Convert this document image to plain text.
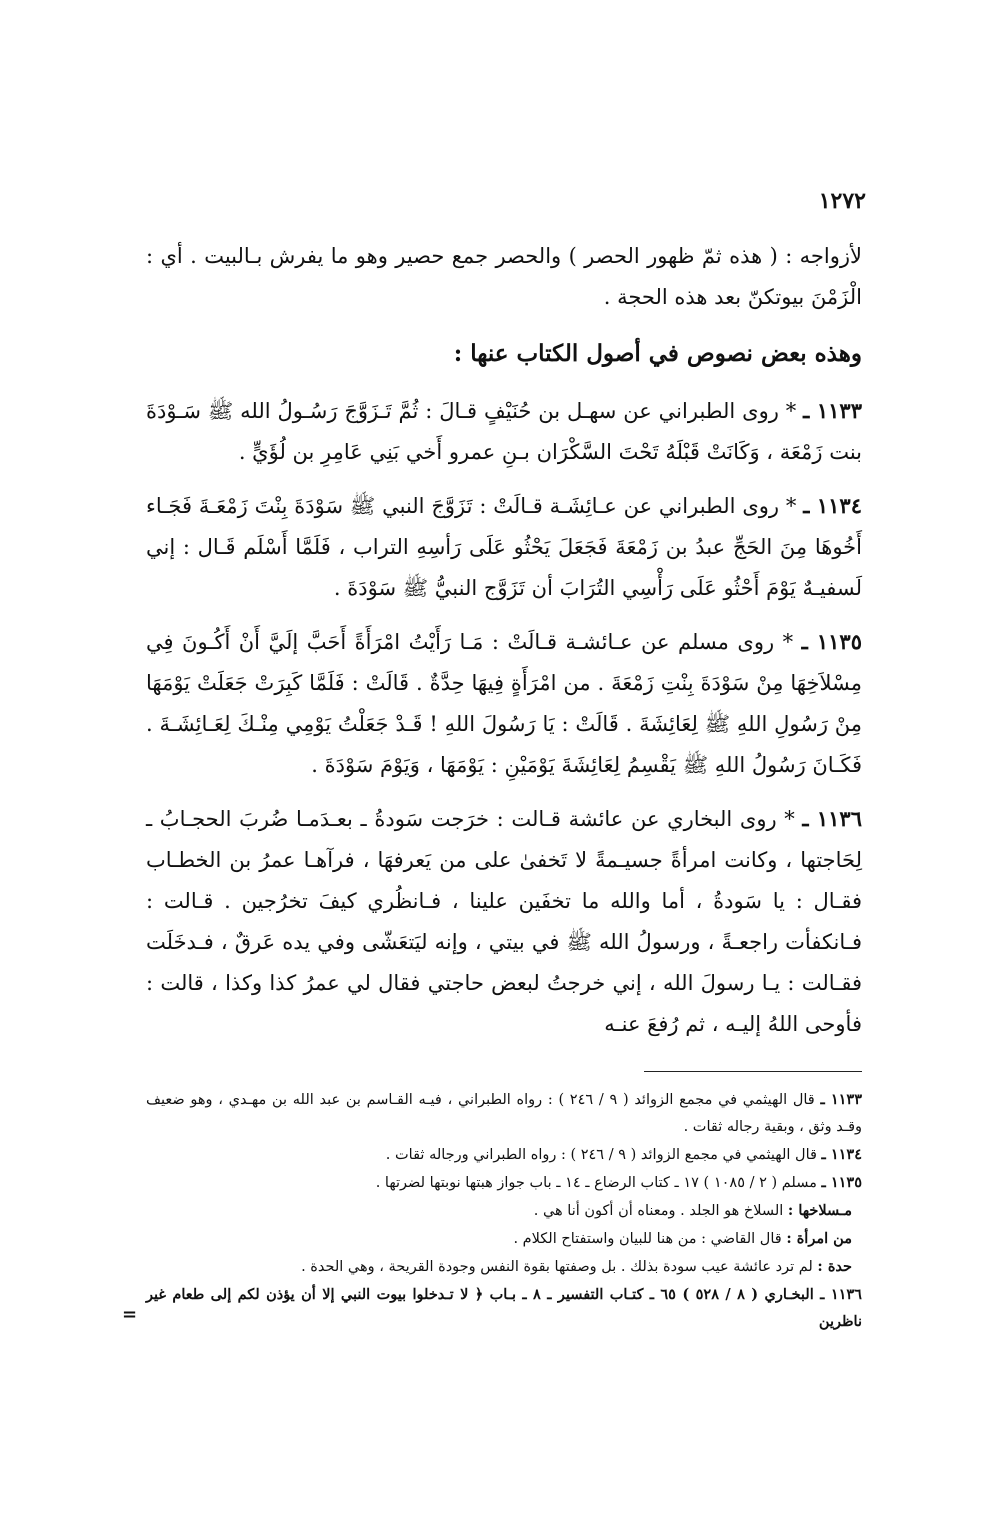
١٢٧٢

لأزواجه : ( هذه ثمّ ظهور الحصر ) والحصر جمع حصير وهو ما يفرش بـالبيت . أي : الْزَمْنَ بيوتكنّ بعد هذه الحجة .

وهذه بعض نصوص في أصول الكتاب عنها :

١١٣٣ ـ * روى الطبراني عن سهـل بن حُنَيْفٍ قـالَ : ثُمَّ تَـزَوَّجَ رَسُـولُ الله ﷺ سَـوْدَةَ بنت زَمْعَة ، وَكَانَتْ قَبْلَهُ تَحْتَ السَّكْرَان بـنِ عمرو أَخي بَنِي عَامِرِ بن لُؤَيٍّ .

١١٣٤ ـ * روى الطبراني عن عـائِشَـة قـالَتْ : تَزَوَّجَ النبي ﷺ سَوْدَةَ بِنْتَ زَمْعَـةَ فَجَـاء أَخُوهَا مِنَ الحَجِّ عبدُ بن زَمْعَةَ فَجَعَلَ يَحْثُو عَلَى رَأسِهِ التراب ، فَلَمَّا أَسْلَم قَـال : إني لَسفيـهٌ يَوْمَ أَحْثُو عَلَى رَأْسِي التُرَابَ أن تَزَوَّج النبيُّ ﷺ سَوْدَةَ .

١١٣٥ ـ * روى مسلم عن عـائشـة قـالَتْ : مَـا رَأَيْتُ امْرَأَةً أَحَبَّ إلَيَّ أَنْ أَكُـونَ فِي مِسْلاَخِهَا مِنْ سَوْدَةَ بِنْتِ زَمْعَةَ . من امْرَأَةٍ فِيهَا حِدَّةٌ . قَالَتْ : فَلَمَّا كَبِرَتْ جَعَلَتْ يَوْمَهَا مِنْ رَسُولِ اللهِ ﷺ لِعَائِشَةَ . قَالَتْ : يَا رَسُولَ اللهِ ! قَـدْ جَعَلْتُ يَوْمِي مِنْـكَ لِعَـائِشَـةَ . فَكَـانَ رَسُولُ اللهِ ﷺ يَقْسِمُ لِعَائِشَةَ يَوْمَيْنِ : يَوْمَهَا ، وَيَوْمَ سَوْدَةَ .

١١٣٦ ـ * روى البخاري عن عائشة قـالت : خرَجت سَودةُ ـ بعـدَمـا ضُربَ الحجـابُ ـ لِحَاجتها ، وكانت امرأةً جسيـمةً لا تَخفىٰ على من يَعرفهَا ، فرآهـا عمرُ بن الخطـاب فقـال : يا سَودةُ ، أما والله ما تخفَين علينا ، فـانظُري كيفَ تخرُجين . قـالت : فـانكفأت راجعـةً ، ورسولُ الله ﷺ في بيتي ، وإنه ليَتعَشّى وفي يده عَرقٌ ، فـدخَلَت فقـالت : يـا رسولَ الله ، إني خرجتُ لبعض حاجتي فقال لي عمرُ كذا وكذا ، قالت : فأوحى اللهُ إليـه ، ثم رُفعَ عنـه

١١٣٣ ـ قال الهيثمي في مجمع الزوائد ( ٩ / ٢٤٦ ) : رواه الطبراني ، فيـه القـاسم بن عبد الله بن مهـدي ، وهو ضعيف وقـد وثق ، وبقية رجاله ثقات .

١١٣٤ ـ قال الهيثمي في مجمع الزوائد ( ٩ / ٢٤٦ ) : رواه الطبراني ورجاله ثقات .

١١٣٥ ـ مسلم ( ٢ / ١٠٨٥ ) ١٧ ـ كتاب الرضاع ـ ١٤ ـ باب جواز هبتها نوبتها لضرتها .

مـسلاخها : السلاخ هو الجلد . ومعناه أن أكون أنا هي .

من امرأة : قال القاضي : من هنا للبيان واستفتاح الكلام .

حدة : لم ترد عائشة عيب سودة بذلك . بل وصفتها بقوة النفس وجودة القريحة ، وهي الحدة .

١١٣٦ ـ البخـاري ( ٨ / ٥٢٨ ) ٦٥ ـ كتـاب التفسير ـ ٨ ـ بـاب ﴿ لا تـدخلوا بيوت النبي إلا أن يؤذن لكم إلى طعام غير ناظرين

=
